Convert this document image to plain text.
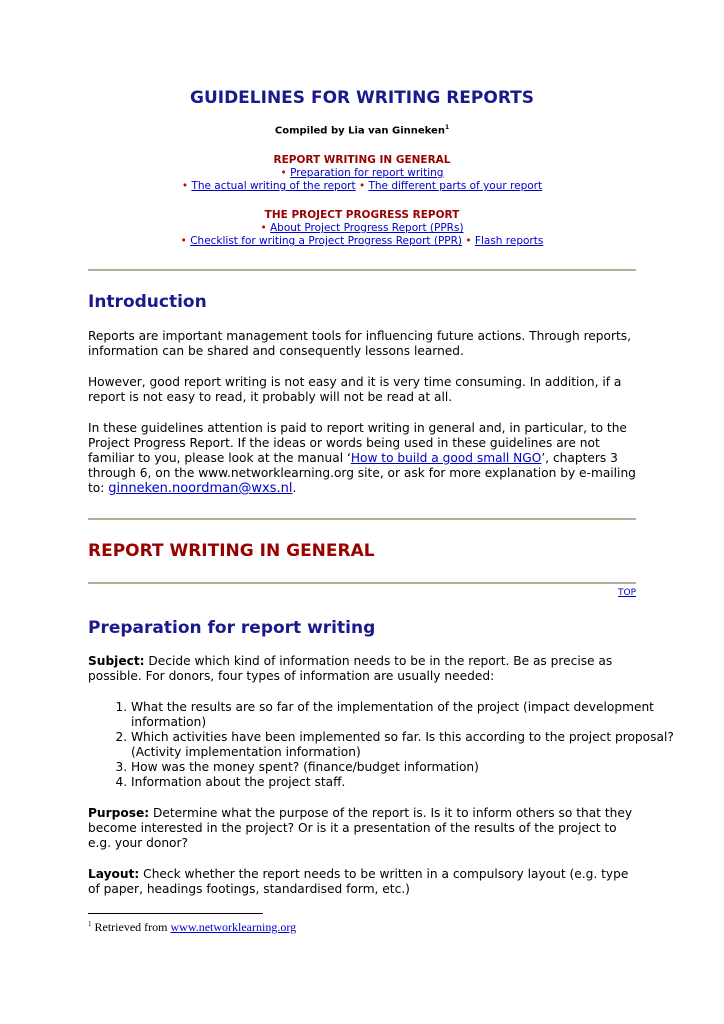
GUIDELINES FOR WRITING REPORTS
Compiled by Lia van Ginneken$^1$
REPORT WRITING IN GENERAL
• Preparation for report writing
• The actual writing of the report • The different parts of your report
THE PROJECT PROGRESS REPORT
• About Project Progress Report (PPRs)
• Checklist for writing a Project Progress Report (PPR) • Flash reports
Introduction

Reports are important management tools for influencing future actions. Through reports, information can be shared and consequently lessons learned.

However, good report writing is not easy and it is very time consuming. In addition, if a report is not easy to read, it probably will not be read at all.

In these guidelines attention is paid to report writing in general and, in particular, to the Project Progress Report. If the ideas or words being used in these guidelines are not familiar to you, please look at the manual ‘How to build a good small NGO’, chapters 3 through 6, on the www.networklearning.org site, or ask for more explanation by e-mailing to: ginneken.noordman@wxs.nl.

REPORT WRITING IN GENERAL
TOP
Preparation for report writing

Subject: Decide which kind of information needs to be in the report. Be as precise as possible. For donors, four types of information are usually needed:

1. What the results are so far of the implementation of the project (impact development information)
2. Which activities have been implemented so far. Is this according to the project proposal? (Activity implementation information)
3. How was the money spent? (finance/budget information)
4. Information about the project staff.

Purpose: Determine what the purpose of the report is. Is it to inform others so that they become interested in the project? Or is it a presentation of the results of the project to e.g. your donor?

Layout: Check whether the report needs to be written in a compulsory layout (e.g. type of paper, headings footings, standardised form, etc.)

$^1$ Retrieved from www.networklearning.org
